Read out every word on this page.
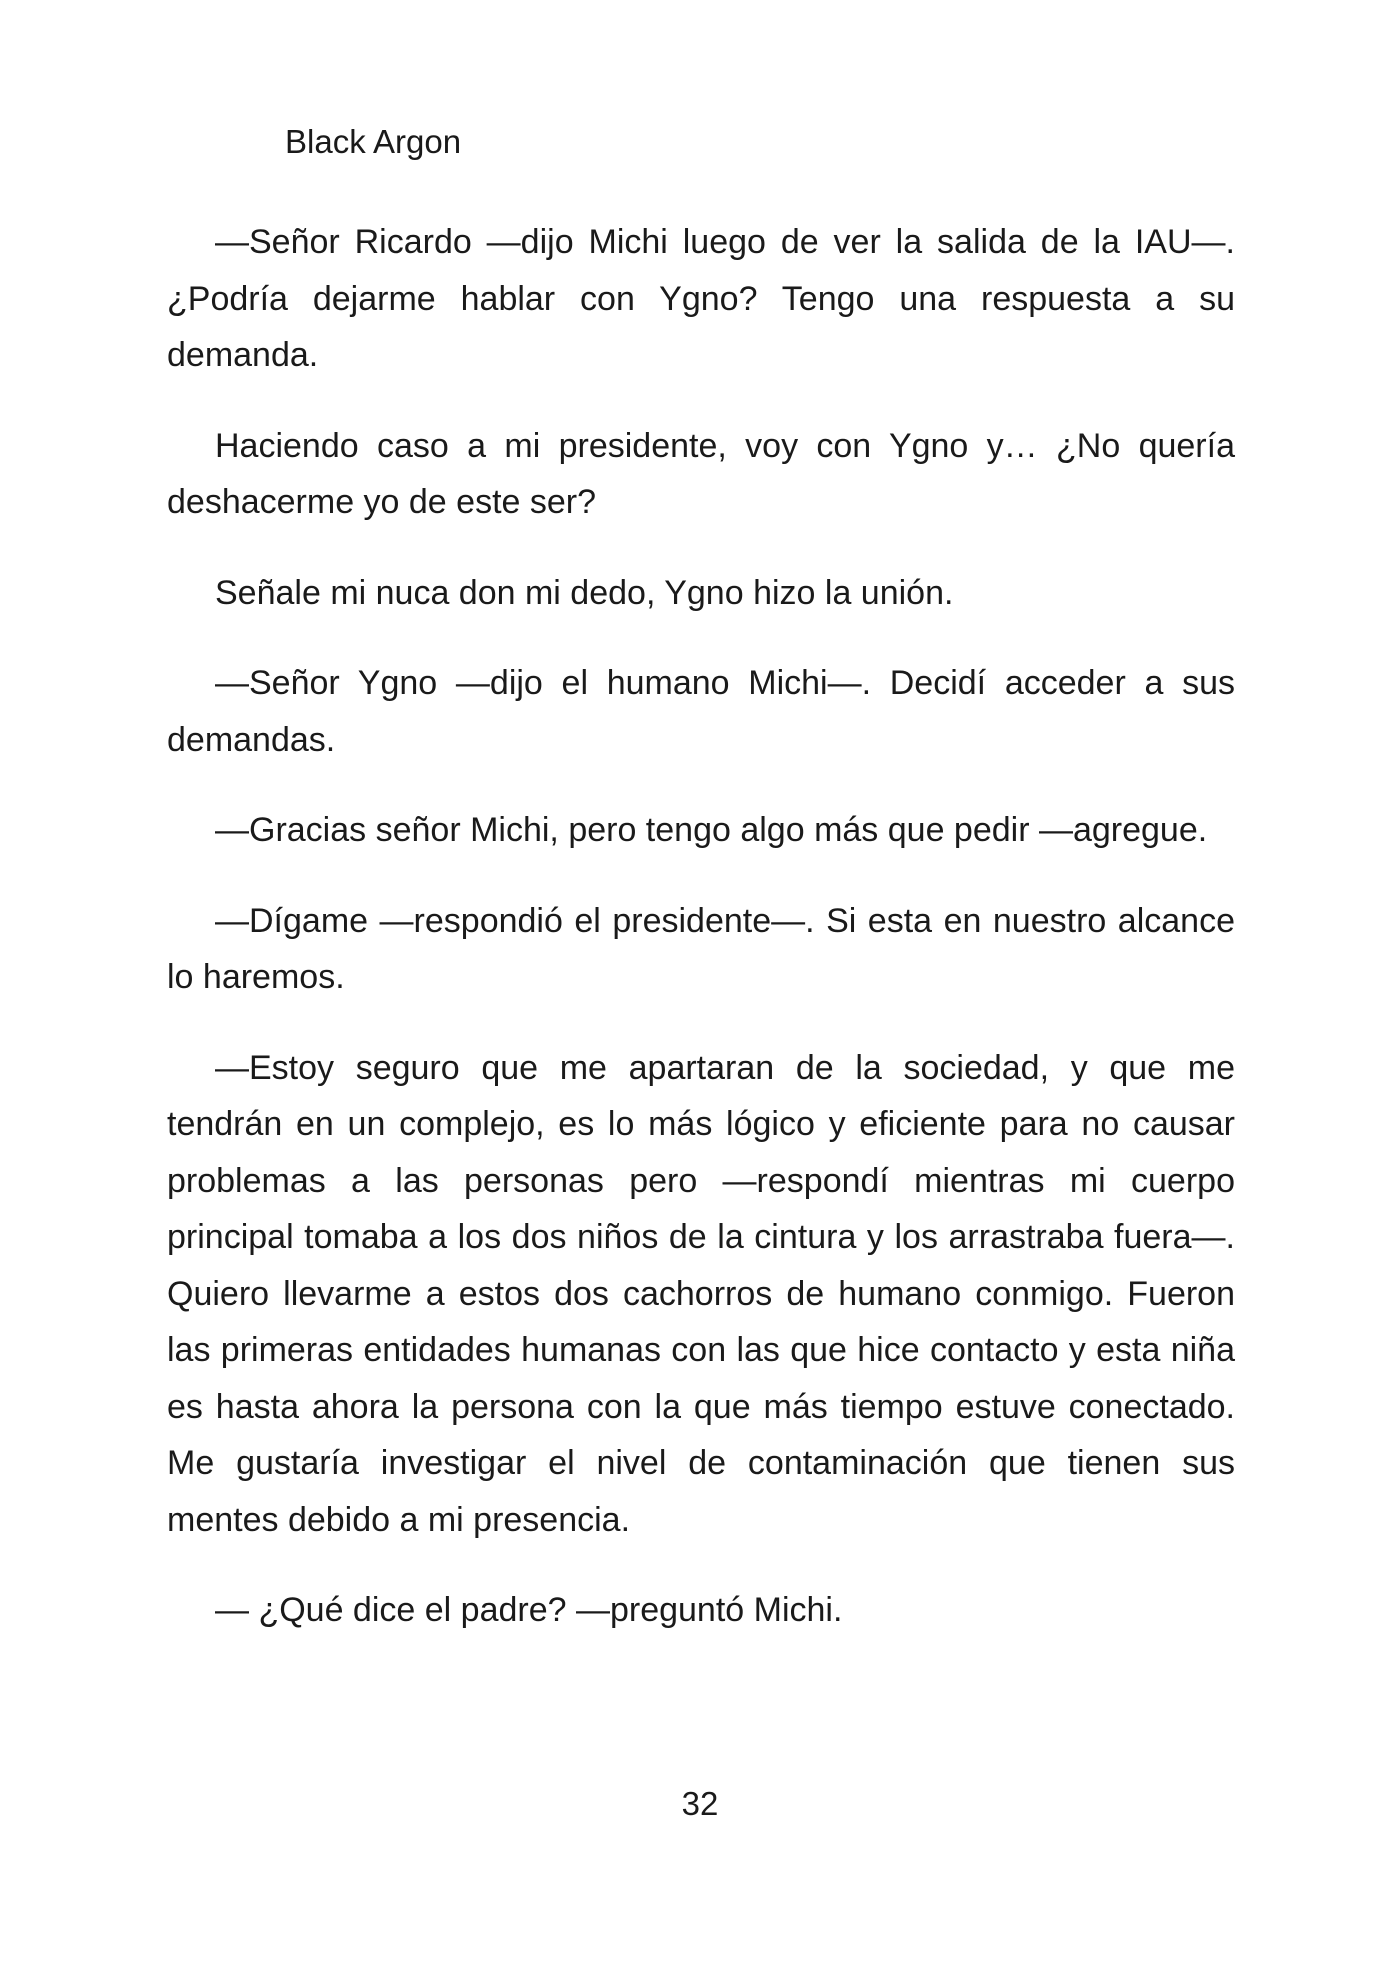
Black Argon

—Señor Ricardo —dijo Michi luego de ver la salida de la IAU—. ¿Podría dejarme hablar con Ygno? Tengo una respuesta a su demanda.

Haciendo caso a mi presidente, voy con Ygno y… ¿No quería deshacerme yo de este ser?

Señale mi nuca don mi dedo, Ygno hizo la unión.

—Señor Ygno —dijo el humano Michi—. Decidí acceder a sus demandas.

—Gracias señor Michi, pero tengo algo más que pedir —agregue.

—Dígame —respondió el presidente—. Si esta en nuestro alcance lo haremos.

—Estoy seguro que me apartaran de la sociedad, y que me tendrán en un complejo, es lo más lógico y eficiente para no causar problemas a las personas pero —respondí mientras mi cuerpo principal tomaba a los dos niños de la cintura y los arrastraba fuera—. Quiero llevarme a estos dos cachorros de humano conmigo. Fueron las primeras entidades humanas con las que hice contacto y esta niña es hasta ahora la persona con la que más tiempo estuve conectado. Me gustaría investigar el nivel de contaminación que tienen sus mentes debido a mi presencia.

— ¿Qué dice el padre? —preguntó Michi.

32
